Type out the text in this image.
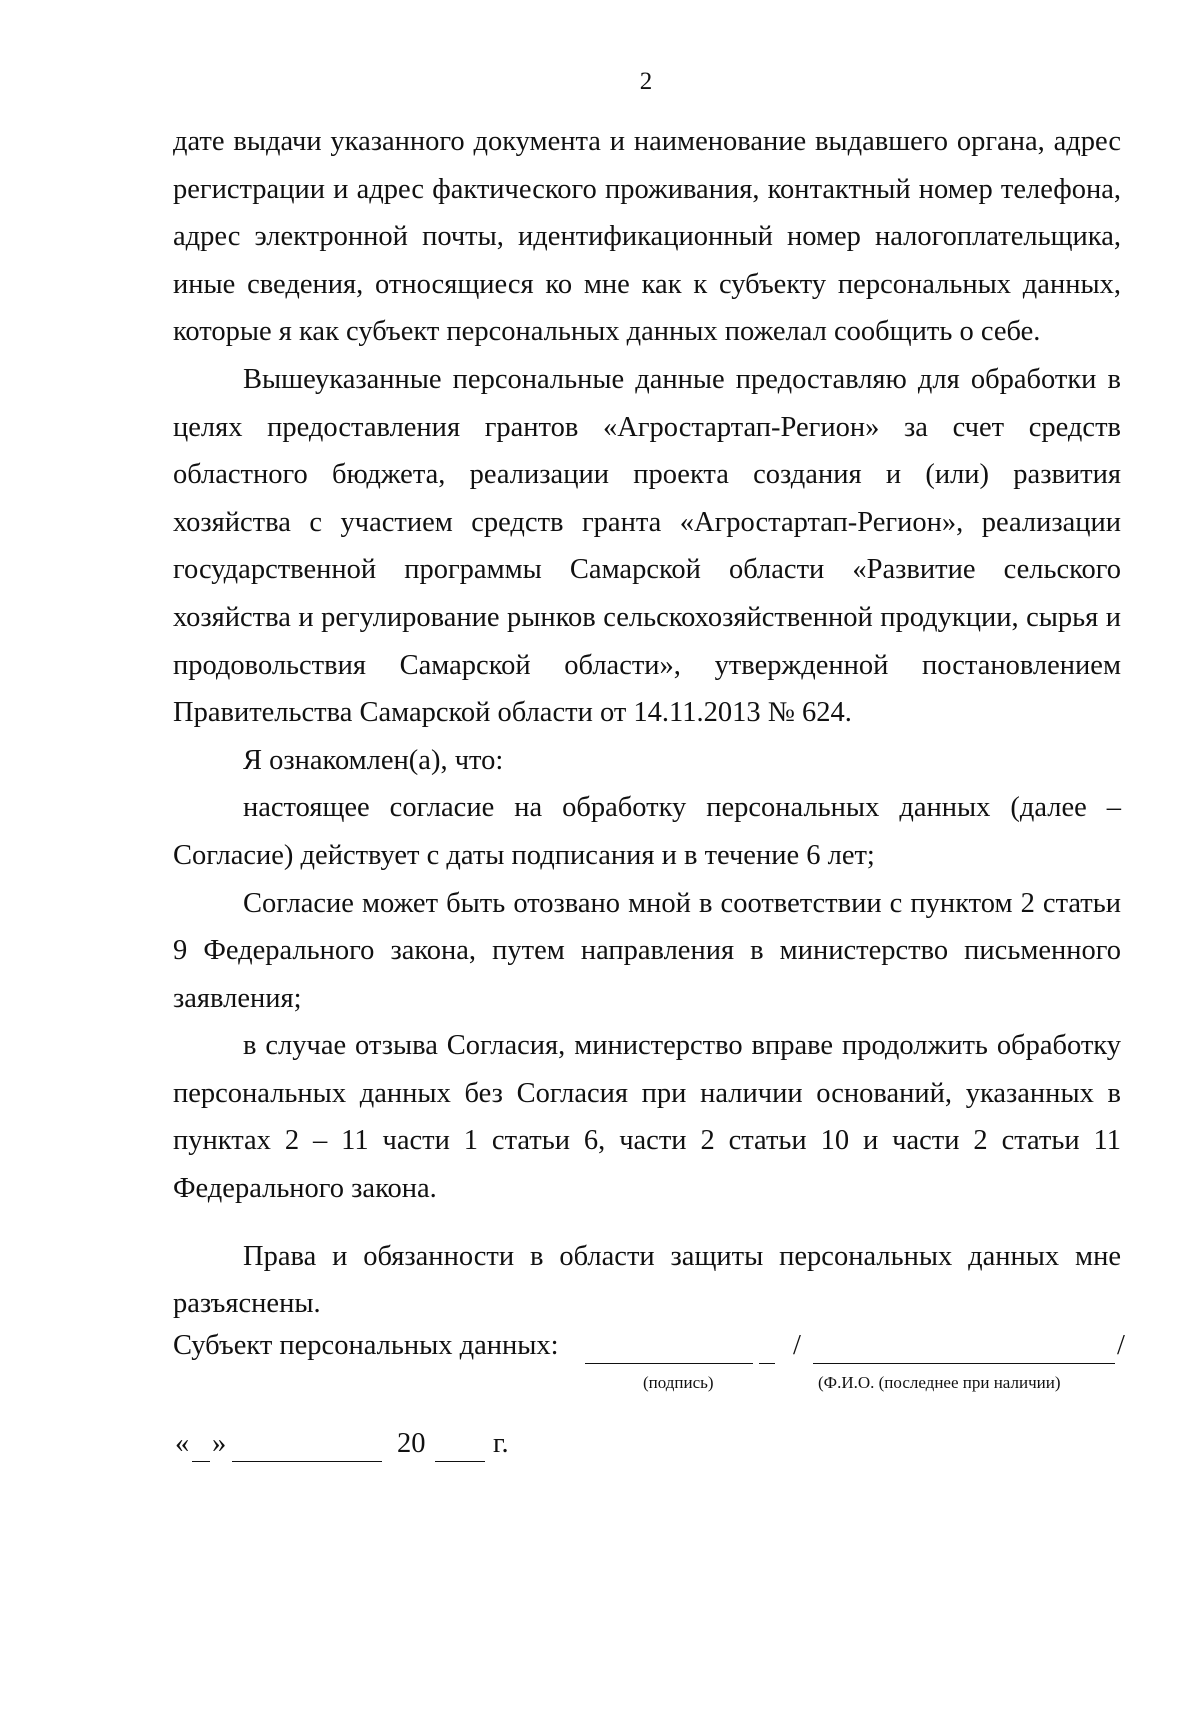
2

дате выдачи указанного документа и наименование выдавшего органа, адрес регистрации и адрес фактического проживания, контактный номер телефона, адрес электронной почты, идентификационный номер налогоплательщика, иные сведения, относящиеся ко мне как к субъекту персональных данных, которые я как субъект персональных данных пожелал сообщить о себе.

Вышеуказанные персональные данные предоставляю для обработки в целях предоставления грантов «Агростартап-Регион» за счет средств областного бюджета, реализации проекта создания и (или) развития хозяйства с участием средств гранта «Агростартап-Регион», реализации государственной программы Самарской области «Развитие сельского хозяйства и регулирование рынков сельскохозяйственной продукции, сырья и продовольствия Самарской области», утвержденной постановлением Правительства Самарской области от 14.11.2013 № 624.

Я ознакомлен(а), что:

настоящее согласие на обработку персональных данных (далее – Согласие) действует с даты подписания и в течение 6 лет;

Согласие может быть отозвано мной в соответствии с пунктом 2 статьи 9 Федерального закона, путем направления в министерство письменного заявления;

в случае отзыва Согласия, министерство вправе продолжить обработку персональных данных без Согласия при наличии оснований, указанных в пунктах 2 – 11 части 1 статьи 6, части 2 статьи 10 и части 2 статьи 11 Федерального закона.

Права и обязанности в области защиты персональных данных мне разъяснены.

Субъект персональных данных:	/	/
(подпись)	(Ф.И.О. (последнее при наличии)
« »	20 г.
